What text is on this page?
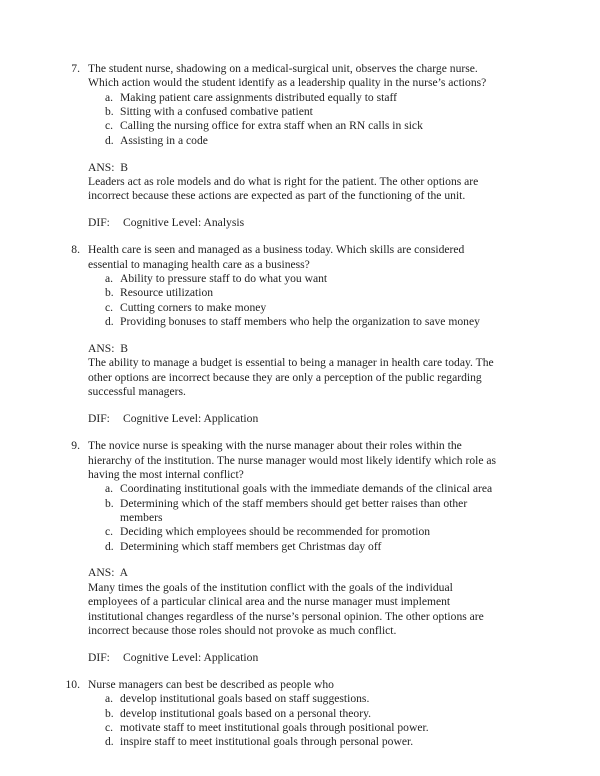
7. The student nurse, shadowing on a medical-surgical unit, observes the charge nurse. Which action would the student identify as a leadership quality in the nurse’s actions?
a. Making patient care assignments distributed equally to staff
b. Sitting with a confused combative patient
c. Calling the nursing office for extra staff when an RN calls in sick
d. Assisting in a code
ANS:  B
Leaders act as role models and do what is right for the patient. The other options are incorrect because these actions are expected as part of the functioning of the unit.
DIF:	Cognitive Level: Analysis
8. Health care is seen and managed as a business today. Which skills are considered essential to managing health care as a business?
a. Ability to pressure staff to do what you want
b. Resource utilization
c. Cutting corners to make money
d. Providing bonuses to staff members who help the organization to save money
ANS:  B
The ability to manage a budget is essential to being a manager in health care today. The other options are incorrect because they are only a perception of the public regarding successful managers.
DIF:	Cognitive Level: Application
9. The novice nurse is speaking with the nurse manager about their roles within the hierarchy of the institution. The nurse manager would most likely identify which role as having the most internal conflict?
a. Coordinating institutional goals with the immediate demands of the clinical area
b. Determining which of the staff members should get better raises than other members
c. Deciding which employees should be recommended for promotion
d. Determining which staff members get Christmas day off
ANS:  A
Many times the goals of the institution conflict with the goals of the individual employees of a particular clinical area and the nurse manager must implement institutional changes regardless of the nurse’s personal opinion. The other options are incorrect because those roles should not provoke as much conflict.
DIF:	Cognitive Level: Application
10. Nurse managers can best be described as people who
a. develop institutional goals based on staff suggestions.
b. develop institutional goals based on a personal theory.
c. motivate staff to meet institutional goals through positional power.
d. inspire staff to meet institutional goals through personal power.
